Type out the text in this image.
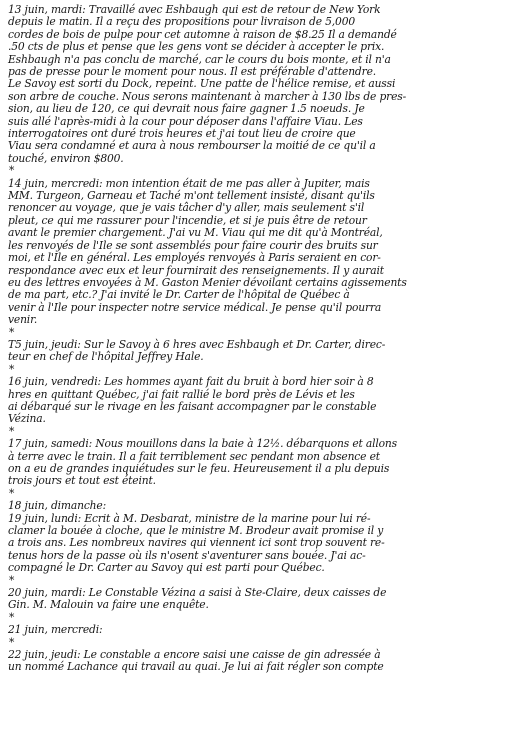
13 juin, mardi: Travaillé avec Eshbaugh qui est de retour de New York
depuis le matin. Il a reçu des propositions pour livraison de 5,000
cordes de bois de pulpe pour cet automne à raison de $8.25 Il a demandé
.50 cts de plus et pense que les gens vont se décider à accepter le prix.
Eshbaugh n'a pas conclu de marché, car le cours du bois monte, et il n'a
pas de presse pour le moment pour nous. Il est préférable d'attendre.
Le Savoy est sorti du Dock, repeint. Une patte de l'hélice remise, et aussi
son arbre de couche. Nous serons maintenant à marcher à 130 lbs de pres-
sion, au lieu de 120, ce qui devrait nous faire gagner 1.5 noeuds. Je
suis allé l'après-midi à la cour pour déposer dans l'affaire Viau. Les
interrogatoires ont duré trois heures et j'ai tout lieu de croire que
Viau sera condamné et aura à nous rembourser la moitié de ce qu'il a
touché, environ $800.
*
14 juin, mercredi: mon intention était de me pas aller à Jupiter, mais
MM. Turgeon, Garneau et Taché m'ont tellement insisté, disant qu'ils
renoncer au voyage, que je vais tâcher d'y aller, mais seulement s'il
pleut, ce qui me rassurer pour l'incendie, et si je puis être de retour
avant le premier chargement. J'ai vu M. Viau qui me dit qu'à Montréal,
les renvoyés de l'Ile se sont assemblés pour faire courir des bruits sur
moi, et l'Ile en général. Les employés renvoyés à Paris seraient en cor-
respondance avec eux et leur fournirait des renseignements. Il y aurait
eu des lettres envoyées à M. Gaston Menier dévoilant certains agissements
de ma part, etc.? J'ai invité le Dr. Carter de l'hôpital de Québec à
venir à l'Ile pour inspecter notre service médical. Je pense qu'il pourra
venir.
*
T5 juin, jeudi: Sur le Savoy à 6 hres avec Eshbaugh et Dr. Carter, direc-
teur en chef de l'hôpital Jeffrey Hale.
*
16 juin, vendredi: Les hommes ayant fait du bruit à bord hier soir à 8
hres en quittant Québec, j'ai fait rallié le bord près de Lévis et les
ai débarqué sur le rivage en les faisant accompagner par le constable
Vézina.
*
17 juin, samedi: Nous mouillons dans la baie à 12½. débarquons et allons
à terre avec le train. Il a fait terriblement sec pendant mon absence et
on a eu de grandes inquiétudes sur le feu. Heureusement il a plu depuis
trois jours et tout est éteint.
*
18 juin, dimanche:
19 juin, lundi: Ecrit à M. Desbarat, ministre de la marine pour lui ré-
clamer la bouée à cloche, que le ministre M. Brodeur avait promise il y
a trois ans. Les nombreux navires qui viennent ici sont trop souvent re-
tenus hors de la passe où ils n'osent s'aventurer sans bouée. J'ai ac-
compagné le Dr. Carter au Savoy qui est parti pour Québec.
*
20 juin, mardi: Le Constable Vézina a saisi à Ste-Claire, deux caisses de
Gin. M. Malouin va faire une enquête.
*
21 juin, mercredi:
*
22 juin, jeudi: Le constable a encore saisi une caisse de gin adressée à
un nommé Lachance qui travail au quai. Je lui ai fait régler son compte
